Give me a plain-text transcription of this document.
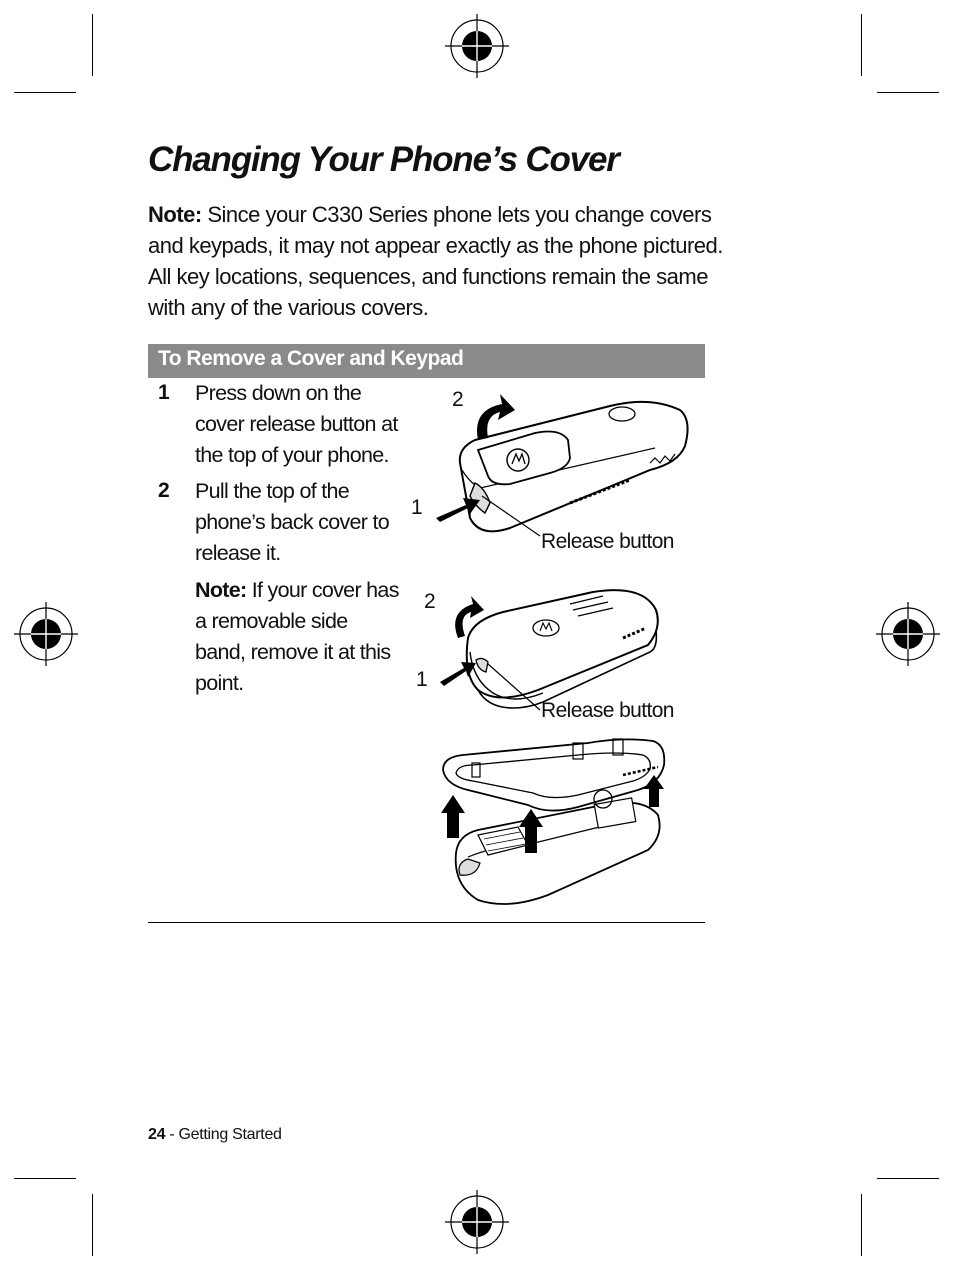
Changing Your Phone’s Cover
Note: Since your C330 Series phone lets you change covers and keypads, it may not appear exactly as the phone pictured. All key locations, sequences, and functions remain the same with any of the various covers.
To Remove a Cover and Keypad
1 Press down on the cover release button at the top of your phone.
2 Pull the top of the phone’s back cover to release it.
Note: If your cover has a removable side band, remove it at this point.
2
1
Release button
2
1
Release button
24 - Getting Started
